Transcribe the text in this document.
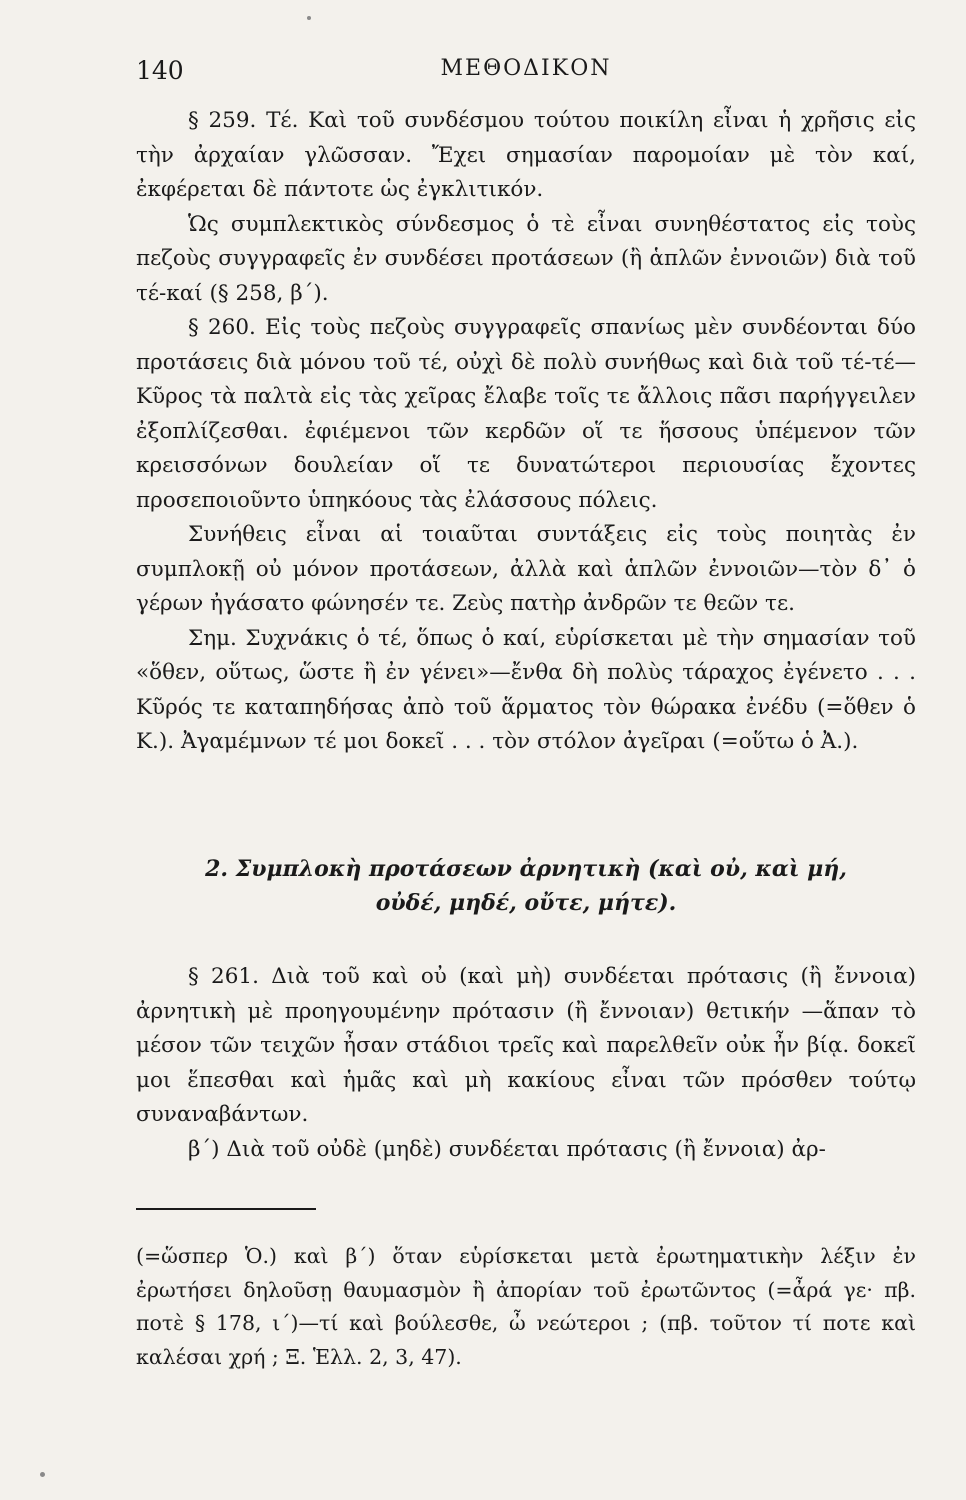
140	ΜΕΘΟΔΙΚΟΝ

§ 259. Τέ. Καὶ τοῦ συνδέσμου τούτου ποικίλη εἶναι ἡ χρῆσις εἰς τὴν ἀρχαίαν γλῶσσαν. Ἔχει σημασίαν παρομοίαν μὲ τὸν καί, ἐκφέρεται δὲ πάντοτε ὡς ἐγκλιτικόν.

Ὡς συμπλεκτικὸς σύνδεσμος ὁ τὲ εἶναι συνηθέστατος εἰς τοὺς πεζοὺς συγγραφεῖς ἐν συνδέσει προτάσεων (ἢ ἁπλῶν ἐννοιῶν) διὰ τοῦ τέ-καί (§ 258, β΄).

§ 260. Εἰς τοὺς πεζοὺς συγγραφεῖς σπανίως μὲν συνδέονται δύο προτάσεις διὰ μόνου τοῦ τέ, οὐχὶ δὲ πολὺ συνήθως καὶ διὰ τοῦ τέ-τέ—Κῦρος τὰ παλτὰ εἰς τὰς χεῖρας ἔλαβε τοῖς τε ἄλλοις πᾶσι παρήγγειλεν ἐξοπλίζεσθαι. ἐφιέμενοι τῶν κερδῶν οἵ τε ἥσσους ὑπέμενον τῶν κρεισσόνων δουλείαν οἵ τε δυνατώτεροι περιουσίας ἔχοντες προσεποιοῦντο ὑπηκόους τὰς ἐλάσσους πόλεις.

Συνήθεις εἶναι αἱ τοιαῦται συντάξεις εἰς τοὺς ποιητὰς ἐν συμπλοκῇ οὐ μόνον προτάσεων, ἀλλὰ καὶ ἁπλῶν ἐννοιῶν—τὸν δ᾽ ὁ γέρων ἠγάσατο φώνησέν τε. Ζεὺς πατὴρ ἀνδρῶν τε θεῶν τε.

Σημ. Συχνάκις ὁ τέ, ὅπως ὁ καί, εὑρίσκεται μὲ τὴν σημασίαν τοῦ «ὅθεν, οὕτως, ὥστε ἢ ἐν γένει»—ἔνθα δὴ πολὺς τάραχος ἐγένετο . . . Κῦρός τε καταπηδήσας ἀπὸ τοῦ ἅρματος τὸν θώρακα ἐνέδυ (=ὅθεν ὁ Κ.). Ἀγαμέμνων τέ μοι δοκεῖ . . . τὸν στόλον ἀγεῖραι (=οὕτω ὁ Ἀ.).

2. Συμπλοκὴ προτάσεων ἀρνητικὴ (καὶ οὐ, καὶ μή,
οὐδέ, μηδέ, οὔτε, μήτε).

§ 261. Διὰ τοῦ καὶ οὐ (καὶ μὴ) συνδέεται πρότασις (ἢ ἔννοια) ἀρνητικὴ μὲ προηγουμένην πρότασιν (ἢ ἔννοιαν) θετικήν —ἅπαν τὸ μέσον τῶν τειχῶν ἦσαν στάδιοι τρεῖς καὶ παρελθεῖν οὐκ ἦν βίᾳ. δοκεῖ μοι ἕπεσθαι καὶ ἡμᾶς καὶ μὴ κακίους εἶναι τῶν πρόσθεν τούτῳ συναναβάντων.

β΄) Διὰ τοῦ οὐδὲ (μηδὲ) συνδέεται πρότασις (ἢ ἔννοια) ἀρ-

(=ὥσπερ Ὁ.) καὶ β΄) ὅταν εὑρίσκεται μετὰ ἐρωτηματικὴν λέξιν ἐν ἐρωτήσει δηλοῦσῃ θαυμασμὸν ἢ ἀπορίαν τοῦ ἐρωτῶντος (=ἆρά γε· πβ. ποτὲ § 178, ι΄)—τί καὶ βούλεσθε, ὦ νεώτεροι ; (πβ. τοῦτον τί ποτε καὶ καλέσαι χρή ; Ξ. Ἑλλ. 2, 3, 47).
